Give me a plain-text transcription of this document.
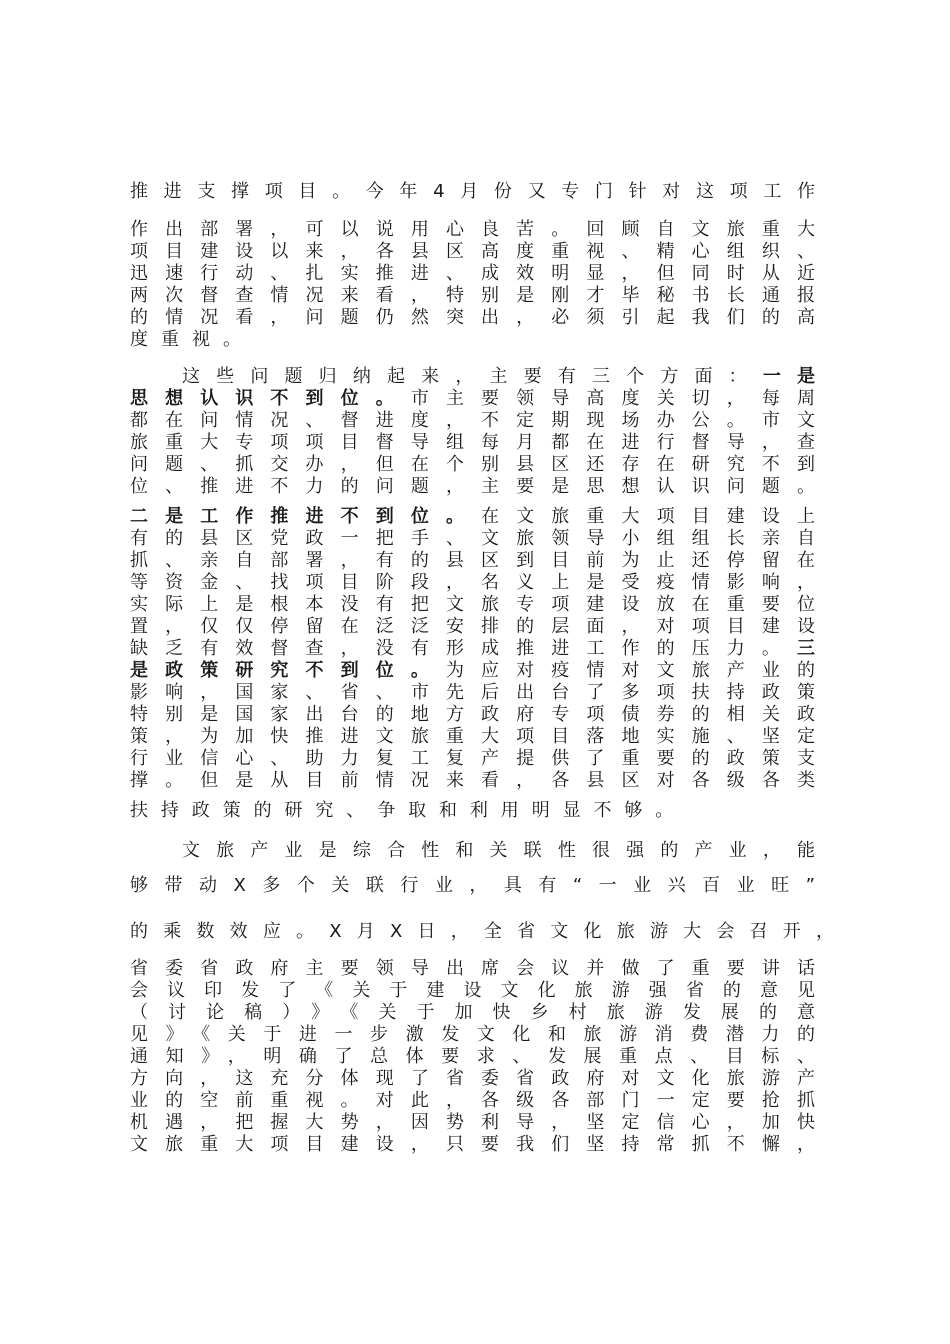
推进支撑项目。今年4月份又专门针对这项工作
作出部署，可以说用心良苦。回顾自文旅重大
项目建设以来，各县区高度重视、精心组织、
迅速行动、扎实推进、成效明显，但同时从近
两次督查情况来看，特别是刚才毕秘书长通报
的情况看，问题仍然突出，必须引起我们的高
度重视。
这些问题归纳起来，主要有三个方面：一是
思想认识不到位。市主要领导高度关切，每周
都在问情况、督进度，不定期现场办公。市文
旅重大专项项目督导组每月都在进行督导，查
问题、抓交办，但在个别县区还存在研究不到
位、推进不力的问题，主要是思想认识问题。
二是工作推进不到位。在文旅重大项目建设上
有的县区党政一把手、文旅领导小组组长亲自
抓、亲自部署，有的县区到目前为止还停留在
等资金、找项目阶段，名义上是受疫情影响，
实际上是根本没有把文旅专项建设放在重要位
置，仅仅停留在泛泛安排的层面，对项目建设
缺乏有效督查，没有形成推进工作的压力。三
是政策研究不到位。为应对疫情对文旅产业的
影响，国家、省、市先后出台了多项扶持政策
特别是国家出台的地方政府专项债券的相关政
策，为加快推进文旅重大项目落地实施、坚定
行业信心、助力复工复产提供了重要的政策支
撑。但是从目前情况来看，各县区对各级各类
扶持政策的研究、争取和利用明显不够。
文旅产业是综合性和关联性很强的产业，能
够带动X多个关联行业，具有“一业兴百业旺”
的乘数效应。X月X日，全省文化旅游大会召开，
省委省政府主要领导出席会议并做了重要讲话
会议印发了《关于建设文化旅游强省的意见
（讨论稿）》《关于加快乡村旅游发展的意
见》《关于进一步激发文化和旅游消费潜力的
通知》，明确了总体要求、发展重点、目标、
方向，这充分体现了省委省政府对文化旅游产
业的空前重视。对此，各级各部门一定要抢抓
机遇，把握大势，因势利导，坚定信心，加快
文旅重大项目建设，只要我们坚持常抓不懈，
